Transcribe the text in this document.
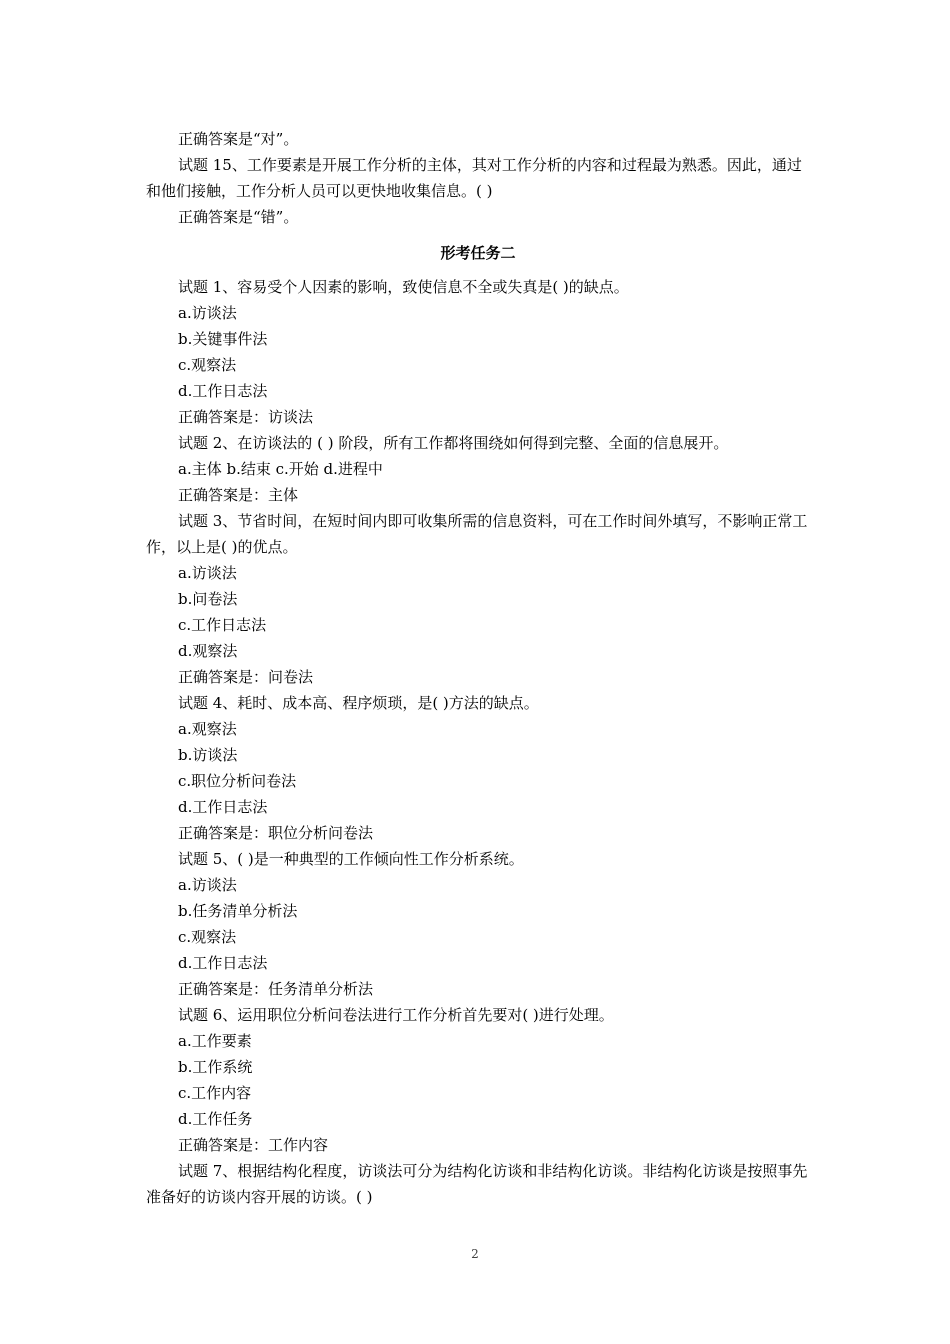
正确答案是“对”。
试题 15、工作要素是开展工作分析的主体，其对工作分析的内容和过程最为熟悉。因此，通过和他们接触，工作分析人员可以更快地收集信息。( )
正确答案是“错”。
形考任务二
试题 1、容易受个人因素的影响，致使信息不全或失真是( )的缺点。
a.访谈法
b.关键事件法
c.观察法
d.工作日志法
正确答案是：访谈法
试题 2、在访谈法的 ( ) 阶段，所有工作都将围绕如何得到完整、全面的信息展开。
a.主体 b.结束 c.开始 d.进程中
正确答案是：主体
试题 3、节省时间，在短时间内即可收集所需的信息资料，可在工作时间外填写，不影响正常工作，以上是( )的优点。
a.访谈法
b.问卷法
c.工作日志法
d.观察法
正确答案是：问卷法
试题 4、耗时、成本高、程序烦琐，是( )方法的缺点。
a.观察法
b.访谈法
c.职位分析问卷法
d.工作日志法
正确答案是：职位分析问卷法
试题 5、( )是一种典型的工作倾向性工作分析系统。
a.访谈法
b.任务清单分析法
c.观察法
d.工作日志法
正确答案是：任务清单分析法
试题 6、运用职位分析问卷法进行工作分析首先要对( )进行处理。
a.工作要素
b.工作系统
c.工作内容
d.工作任务
正确答案是：工作内容
试题 7、根据结构化程度，访谈法可分为结构化访谈和非结构化访谈。非结构化访谈是按照事先准备好的访谈内容开展的访谈。( )
2
